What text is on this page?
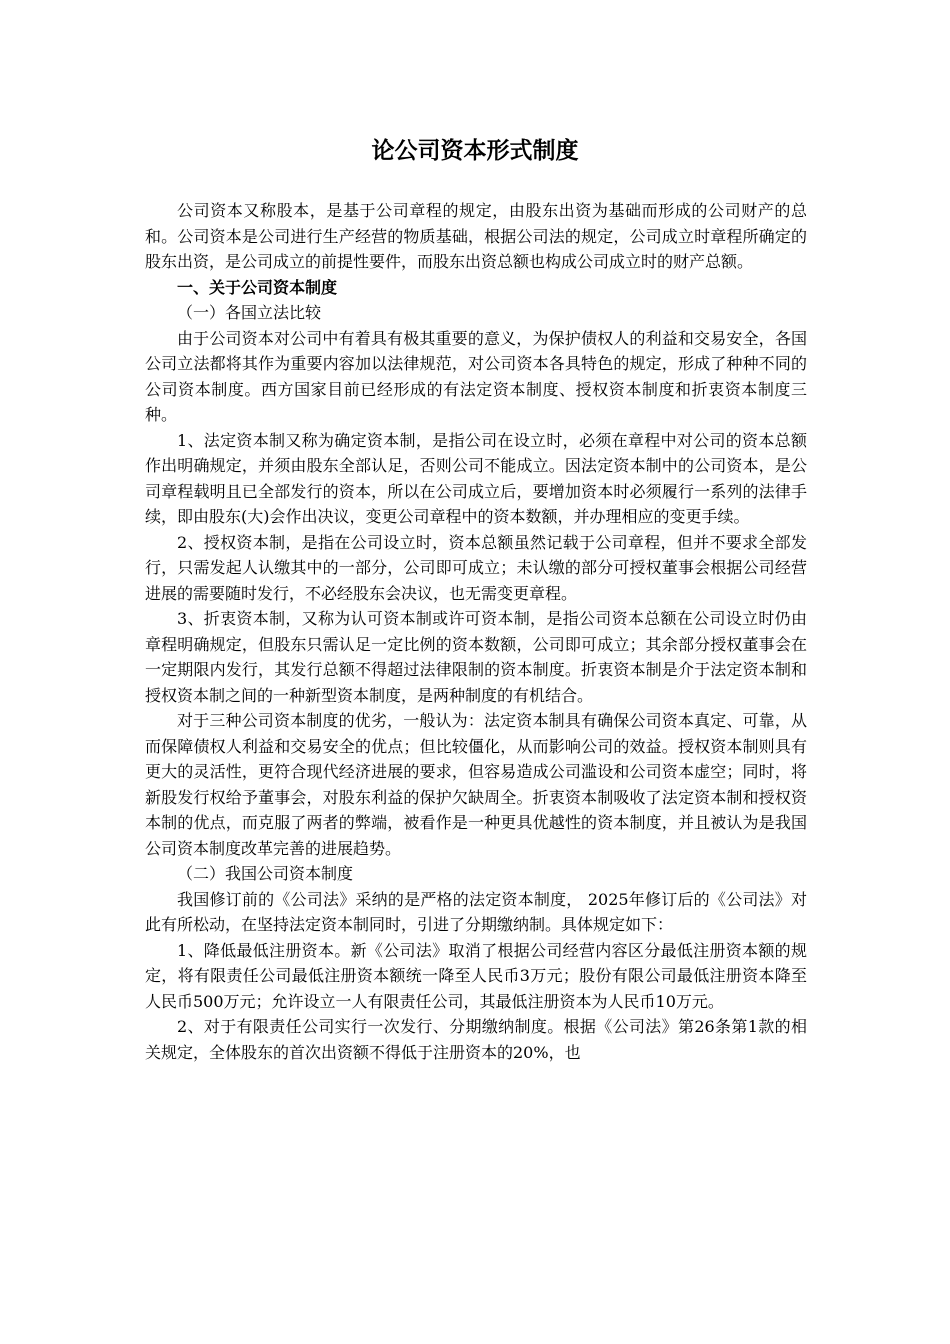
论公司资本形式制度

公司资本又称股本，是基于公司章程的规定，由股东出资为基础而形成的公司财产的总和。公司资本是公司进行生产经营的物质基础，根据公司法的规定，公司成立时章程所确定的股东出资，是公司成立的前提性要件，而股东出资总额也构成公司成立时的财产总额。

一、关于公司资本制度

（一）各国立法比较

由于公司资本对公司中有着具有极其重要的意义，为保护债权人的利益和交易安全，各国公司立法都将其作为重要内容加以法律规范，对公司资本各具特色的规定，形成了种种不同的公司资本制度。西方国家目前已经形成的有法定资本制度、授权资本制度和折衷资本制度三种。

1、法定资本制又称为确定资本制，是指公司在设立时，必须在章程中对公司的资本总额作出明确规定，并须由股东全部认足，否则公司不能成立。因法定资本制中的公司资本，是公司章程载明且已全部发行的资本，所以在公司成立后，要增加资本时必须履行一系列的法律手续，即由股东(大)会作出决议，变更公司章程中的资本数额，并办理相应的变更手续。

2、授权资本制，是指在公司设立时，资本总额虽然记载于公司章程，但并不要求全部发行，只需发起人认缴其中的一部分，公司即可成立；未认缴的部分可授权董事会根据公司经营进展的需要随时发行，不必经股东会决议，也无需变更章程。

3、折衷资本制，又称为认可资本制或许可资本制，是指公司资本总额在公司设立时仍由章程明确规定，但股东只需认足一定比例的资本数额，公司即可成立；其余部分授权董事会在一定期限内发行，其发行总额不得超过法律限制的资本制度。折衷资本制是介于法定资本制和授权资本制之间的一种新型资本制度，是两种制度的有机结合。

对于三种公司资本制度的优劣，一般认为：法定资本制具有确保公司资本真定、可靠，从而保障债权人利益和交易安全的优点；但比较僵化，从而影响公司的效益。授权资本制则具有更大的灵活性，更符合现代经济进展的要求，但容易造成公司滥设和公司资本虚空；同时，将新股发行权给予董事会，对股东利益的保护欠缺周全。折衷资本制吸收了法定资本制和授权资本制的优点，而克服了两者的弊端，被看作是一种更具优越性的资本制度，并且被认为是我国公司资本制度改革完善的进展趋势。

（二）我国公司资本制度

我国修订前的《公司法》采纳的是严格的法定资本制度， 2025年修订后的《公司法》对此有所松动，在坚持法定资本制同时，引进了分期缴纳制。具体规定如下：

1、降低最低注册资本。新《公司法》取消了根据公司经营内容区分最低注册资本额的规定，将有限责任公司最低注册资本额统一降至人民币3万元；股份有限公司最低注册资本降至人民币500万元；允许设立一人有限责任公司，其最低注册资本为人民币10万元。

2、对于有限责任公司实行一次发行、分期缴纳制度。根据《公司法》第26条第1款的相关规定，全体股东的首次出资额不得低于注册资本的20%，也
